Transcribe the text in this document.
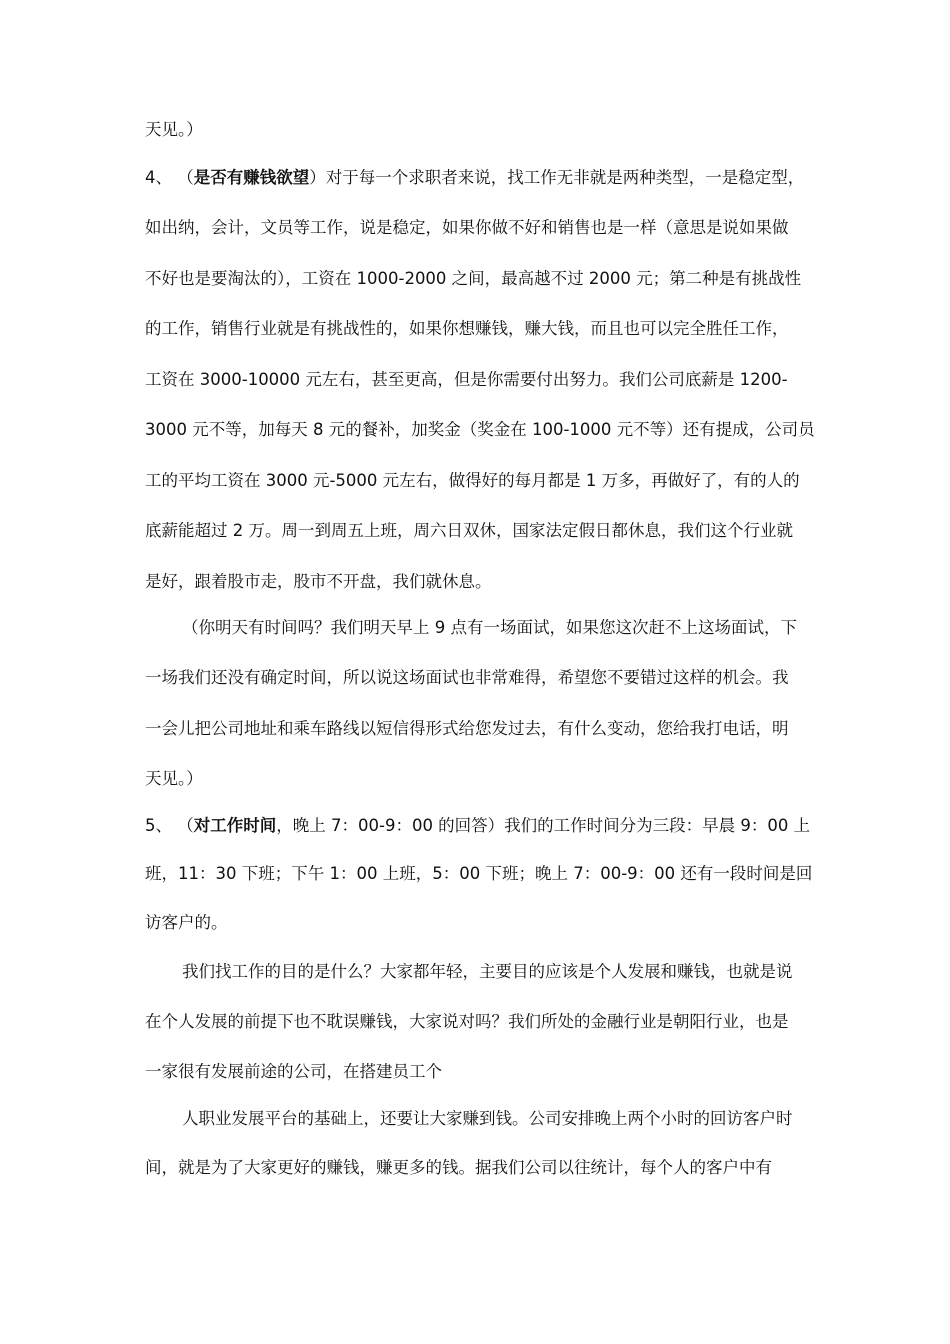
天见。）
4、 （是否有赚钱欲望）对于每一个求职者来说，找工作无非就是两种类型，一是稳定型，
如出纳，会计，文员等工作，说是稳定，如果你做不好和销售也是一样（意思是说如果做
不好也是要淘汰的），工资在 1000-2000 之间，最高越不过 2000 元；第二种是有挑战性
的工作，销售行业就是有挑战性的，如果你想赚钱，赚大钱，而且也可以完全胜任工作，
工资在 3000-10000 元左右，甚至更高，但是你需要付出努力。我们公司底薪是 1200-
3000 元不等，加每天 8 元的餐补，加奖金（奖金在 100-1000 元不等）还有提成，公司员
工的平均工资在 3000 元-5000 元左右，做得好的每月都是 1 万多，再做好了，有的人的
底薪能超过 2 万。周一到周五上班，周六日双休，国家法定假日都休息，我们这个行业就
是好，跟着股市走，股市不开盘，我们就休息。
（你明天有时间吗？我们明天早上 9 点有一场面试，如果您这次赶不上这场面试，下
一场我们还没有确定时间，所以说这场面试也非常难得，希望您不要错过这样的机会。我
一会儿把公司地址和乘车路线以短信得形式给您发过去，有什么变动，您给我打电话，明
天见。）
5、 （对工作时间，晚上 7：00-9：00 的回答）我们的工作时间分为三段：早晨 9：00 上
班，11：30 下班；下午 1：00 上班，5：00 下班；晚上 7：00-9：00 还有一段时间是回
访客户的。
我们找工作的目的是什么？大家都年轻，主要目的应该是个人发展和赚钱，也就是说
在个人发展的前提下也不耽误赚钱，大家说对吗？我们所处的金融行业是朝阳行业，也是
一家很有发展前途的公司，在搭建员工个
人职业发展平台的基础上，还要让大家赚到钱。公司安排晚上两个小时的回访客户时
间，就是为了大家更好的赚钱，赚更多的钱。据我们公司以往统计，每个人的客户中有
